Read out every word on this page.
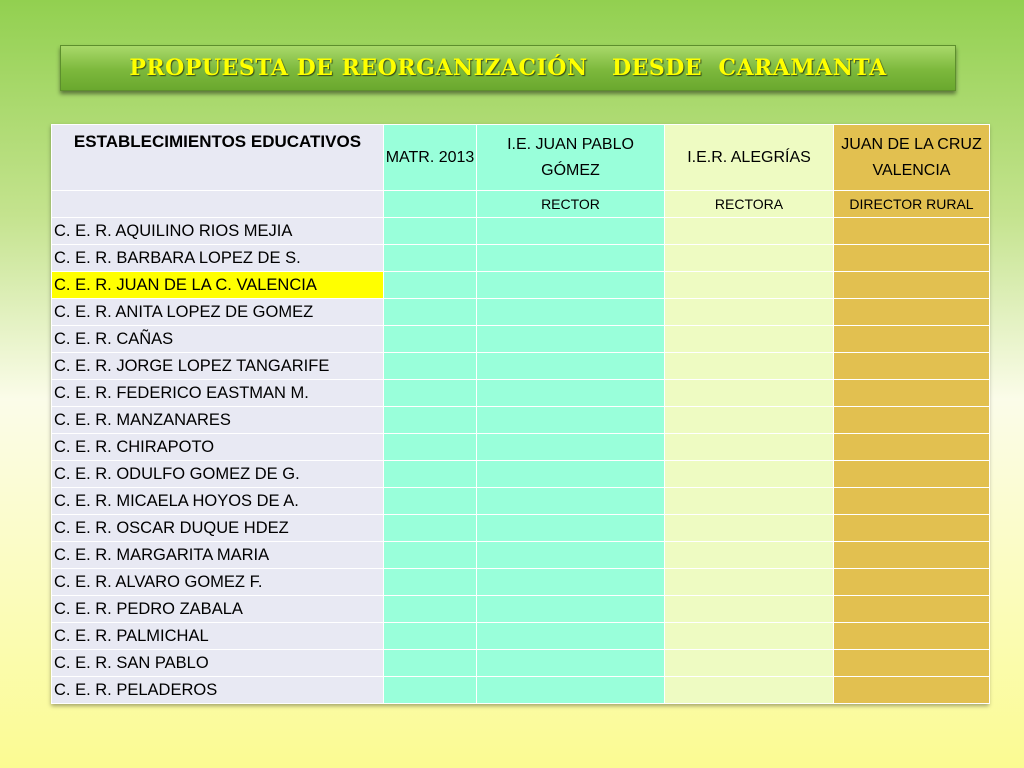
PROPUESTA DE REORGANIZACIÓN   DESDE  CARAMANTA
ESTABLECIMIENTOS EDUCATIVOS	MATR. 2013	I.E. JUAN PABLO GÓMEZ	I.E.R. ALEGRÍAS	JUAN DE LA CRUZ VALENCIA
		RECTOR	RECTORA	DIRECTOR RURAL
C. E. R. AQUILINO RIOS MEJIA				
C. E. R. BARBARA LOPEZ DE S.				
C. E. R. JUAN DE LA C. VALENCIA				
C. E. R. ANITA LOPEZ DE GOMEZ				
C. E. R. CAÑAS				
C. E. R. JORGE LOPEZ TANGARIFE				
C. E. R. FEDERICO EASTMAN M.				
C. E. R. MANZANARES				
C. E. R. CHIRAPOTO				
C. E. R. ODULFO GOMEZ DE G.				
C. E. R. MICAELA HOYOS DE A.				
C. E. R. OSCAR DUQUE HDEZ				
C. E. R. MARGARITA MARIA				
C. E. R. ALVARO GOMEZ F.				
C. E. R. PEDRO ZABALA				
C. E. R. PALMICHAL				
C. E. R. SAN PABLO				
C. E. R. PELADEROS				
